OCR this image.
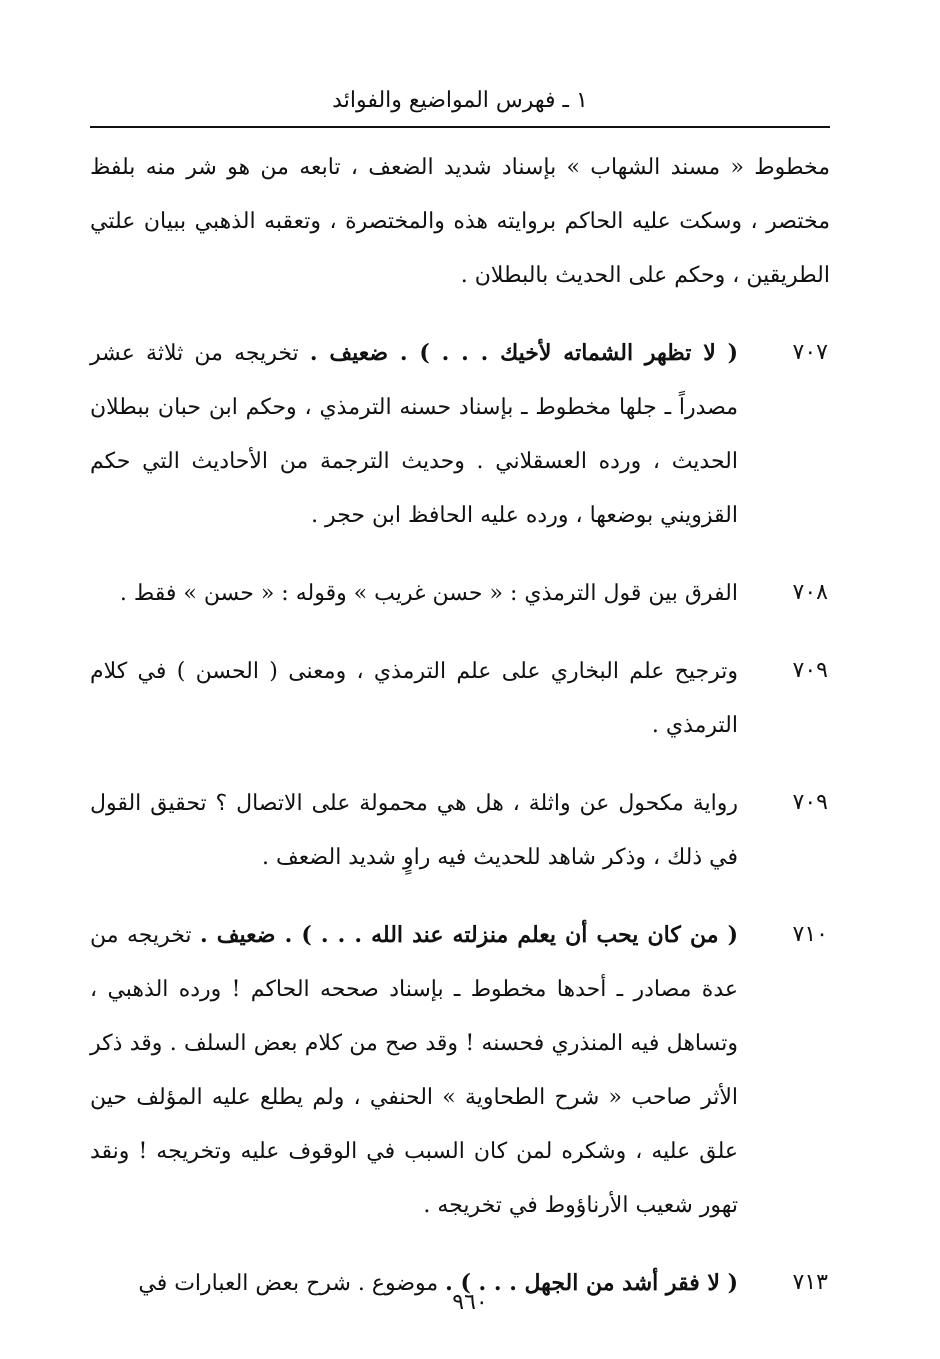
١ ـ فهرس المواضيع والفوائد
مخطوط « مسند الشهاب » بإسناد شديد الضعف ، تابعه من هو شر منه بلفظ مختصر ، وسكت عليه الحاكم بروايته هذه والمختصرة ، وتعقبه الذهبي ببيان علتي الطريقين ، وحكم على الحديث بالبطلان .
٧٠٧
( لا تظهر الشماته لأخيك . . . ) . ضعيف . تخريجه من ثلاثة عشر مصدراً ـ جلها مخطوط ـ بإسناد حسنه الترمذي ، وحكم ابن حبان ببطلان الحديث ، ورده العسقلاني . وحديث الترجمة من الأحاديث التي حكم القزويني بوضعها ، ورده عليه الحافظ ابن حجر .
٧٠٨
الفرق بين قول الترمذي : « حسن غريب » وقوله : « حسن » فقط .
٧٠٩
وترجيح علم البخاري على علم الترمذي ، ومعنى ( الحسن ) في كلام الترمذي .
٧٠٩
رواية مكحول عن واثلة ، هل هي محمولة على الاتصال ؟ تحقيق القول في ذلك ، وذكر شاهد للحديث فيه راوٍ شديد الضعف .
٧١٠
( من كان يحب أن يعلم منزلته عند الله . . . ) . ضعيف . تخريجه من عدة مصادر ـ أحدها مخطوط ـ بإسناد صححه الحاكم ! ورده الذهبي ، وتساهل فيه المنذري فحسنه ! وقد صح من كلام بعض السلف . وقد ذكر الأثر صاحب « شرح الطحاوية » الحنفي ، ولم يطلع عليه المؤلف حين علق عليه ، وشكره لمن كان السبب في الوقوف عليه وتخريجه ! ونقد تهور شعيب الأرناؤوط في تخريجه .
٧١٣
( لا فقر أشد من الجهل . . . ) . موضوع . شرح بعض العبارات في
٩٦٠
